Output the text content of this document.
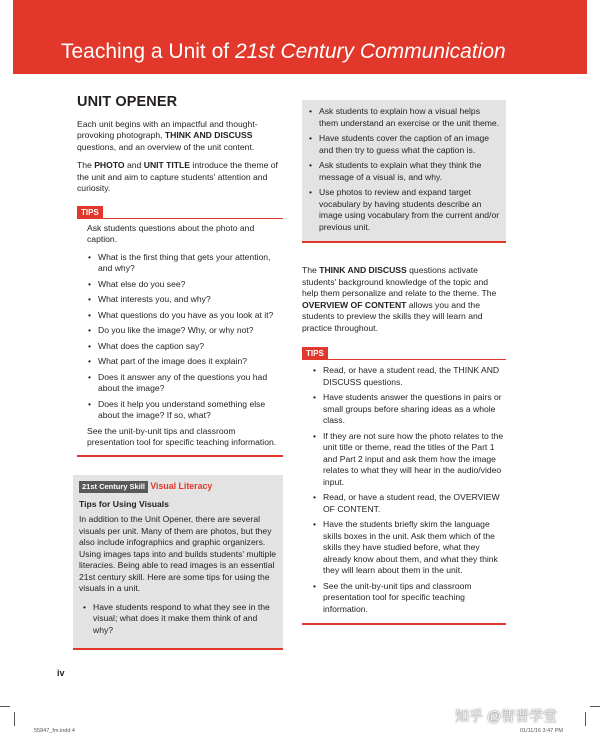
Teaching a Unit of 21st Century Communication
UNIT OPENER

Each unit begins with an impactful and thought-provoking photograph, THINK AND DISCUSS questions, and an overview of the unit content.

The PHOTO and UNIT TITLE introduce the theme of the unit and aim to capture students' attention and curiosity.

TIPS

Ask students questions about the photo and caption.

• What is the first thing that gets your attention, and why?
• What else do you see?
• What interests you, and why?
• What questions do you have as you look at it?
• Do you like the image? Why, or why not?
• What does the caption say?
• What part of the image does it explain?
• Does it answer any of the questions you had about the image?
• Does it help you understand something else about the image? If so, what?

See the unit-by-unit tips and classroom presentation tool for specific teaching information.

21st Century Skill Visual Literacy

Tips for Using Visuals

In addition to the Unit Opener, there are several visuals per unit. Many of them are photos, but they also include infographics and graphic organizers. Using images taps into and builds students' multiple literacies. Being able to read images is an essential 21st century skill. Here are some tips for using the visuals in a unit.

• Have students respond to what they see in the visual; what does it make them think of and why?
• Ask students to explain how a visual helps them understand an exercise or the unit theme.
• Have students cover the caption of an image and then try to guess what the caption is.
• Ask students to explain what they think the message of a visual is, and why.
• Use photos to review and expand target vocabulary by having students describe an image using vocabulary from the current and/or previous unit.

The THINK AND DISCUSS questions activate students' background knowledge of the topic and help them personalize and relate to the theme. The OVERVIEW OF CONTENT allows you and the students to preview the skills they will learn and practice throughout.

TIPS
• Read, or have a student read, the THINK AND DISCUSS questions.
• Have students answer the questions in pairs or small groups before sharing ideas as a whole class.
• If they are not sure how the photo relates to the unit title or theme, read the titles of the Part 1 and Part 2 input and ask them how the image relates to what they will hear in the audio/video input.
• Read, or have a student read, the OVERVIEW OF CONTENT.
• Have the students briefly skim the language skills boxes in the unit. Ask them which of the skills they have studied before, what they already know about them, and what they think they will learn about them in the unit.
• See the unit-by-unit tips and classroom presentation tool for specific teaching information.
iv
55847_fm.indd 4	01/11/16 3:47 PM
知乎 @智晋学堂
